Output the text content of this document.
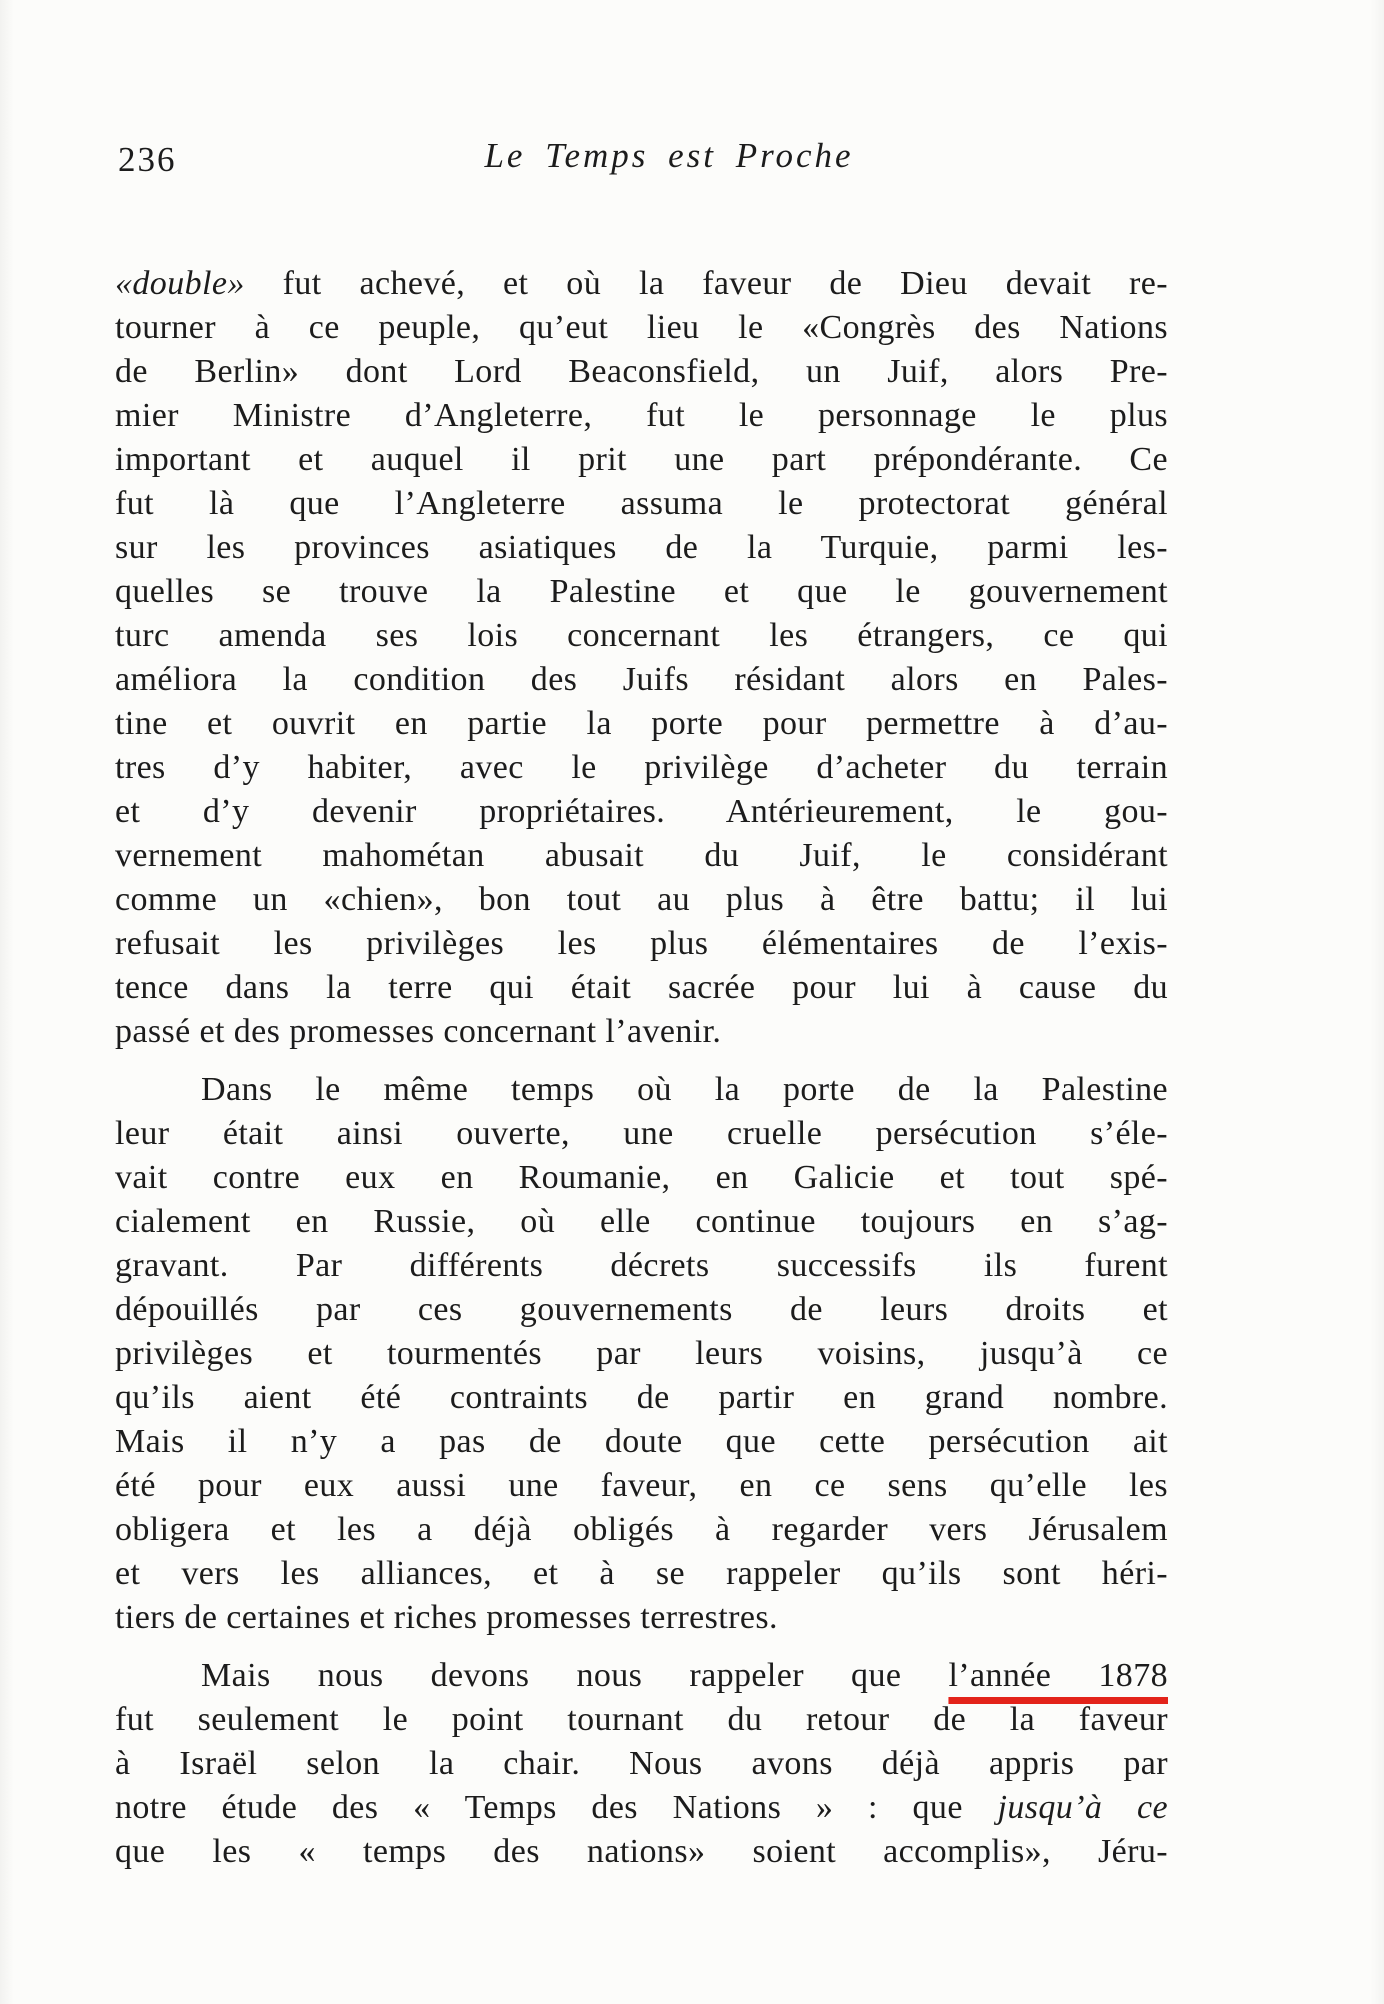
236	Le Temps est Proche
«double» fut achevé, et où la faveur de Dieu devait re-
tourner à ce peuple, qu’eut lieu le «Congrès des Nations
de Berlin» dont Lord Beaconsfield, un Juif, alors Pre-
mier Ministre d’Angleterre, fut le personnage le plus
important et auquel il prit une part prépondérante. Ce
fut là que l’Angleterre assuma le protectorat général
sur les provinces asiatiques de la Turquie, parmi les-
quelles se trouve la Palestine et que le gouvernement
turc amenda ses lois concernant les étrangers, ce qui
améliora la condition des Juifs résidant alors en Pales-
tine et ouvrit en partie la porte pour permettre à d’au-
tres d’y habiter, avec le privilège d’acheter du terrain
et d’y devenir propriétaires. Antérieurement, le gou-
vernement mahométan abusait du Juif, le considérant
comme un «chien», bon tout au plus à être battu; il lui
refusait les privilèges les plus élémentaires de l’exis-
tence dans la terre qui était sacrée pour lui à cause du
passé et des promesses concernant l’avenir.
Dans le même temps où la porte de la Palestine
leur était ainsi ouverte, une cruelle persécution s’éle-
vait contre eux en Roumanie, en Galicie et tout spé-
cialement en Russie, où elle continue toujours en s’ag-
gravant. Par différents décrets successifs ils furent
dépouillés par ces gouvernements de leurs droits et
privilèges et tourmentés par leurs voisins, jusqu’à ce
qu’ils aient été contraints de partir en grand nombre.
Mais il n’y a pas de doute que cette persécution ait
été pour eux aussi une faveur, en ce sens qu’elle les
obligera et les a déjà obligés à regarder vers Jérusalem
et vers les alliances, et à se rappeler qu’ils sont héri-
tiers de certaines et riches promesses terrestres.
Mais nous devons nous rappeler que l’année 1878
fut seulement le point tournant du retour de la faveur
à Israël selon la chair. Nous avons déjà appris par
notre étude des « Temps des Nations » : que jusqu’à ce
que les « temps des nations» soient accomplis», Jéru-
